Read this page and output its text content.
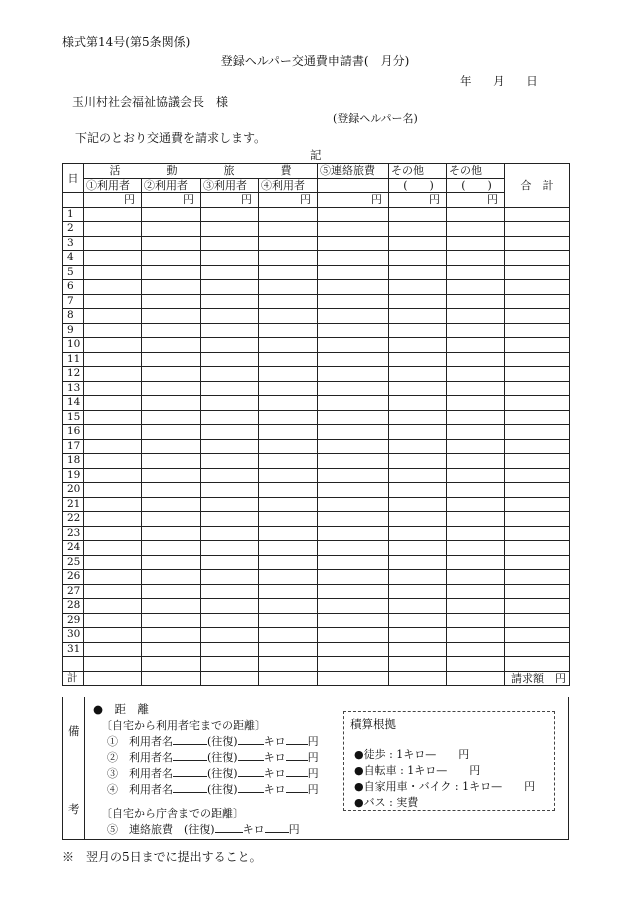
様式第14号(第5条関係)
登録ヘルパー交通費申請書(　月分)
年 月 日
玉川村社会福祉協議会長　様
(登録ヘルパー名)
下記のとおり交通費を請求します。
記
日	活 動 旅 費				⑤連絡旅費	その他	その他	合　計
	①利用者	②利用者	③利用者	④利用者		(　　)	(　　)	
	円	円	円	円	円	円	円	
1								
2								
3								
4								
5								
6								
7								
8								
9								
10								
11								
12								
13								
14								
15								
16								
17								
18								
19								
20								
21								
22								
23								
24								
25								
26								
27								
28								
29								
30								
31								

計								請求額　円
備
考
●　距　離
〔自宅から利用者宅までの距離〕
①　 利用者名	(往復) キロ 円
②　 利用者名	(往復) キロ 円
③　 利用者名	(往復) キロ 円
④　 利用者名	(往復) キロ 円
〔自宅から庁舎までの距離〕
⑤　 連絡旅費　(往復)	キロ 円
積算根拠
●徒歩 : 1キロ—　　円
●自転車 : 1キロ—　　円
●自家用車・バイク : 1キロ—　　円
●バス : 実費
※　翌月の5日までに提出すること。
